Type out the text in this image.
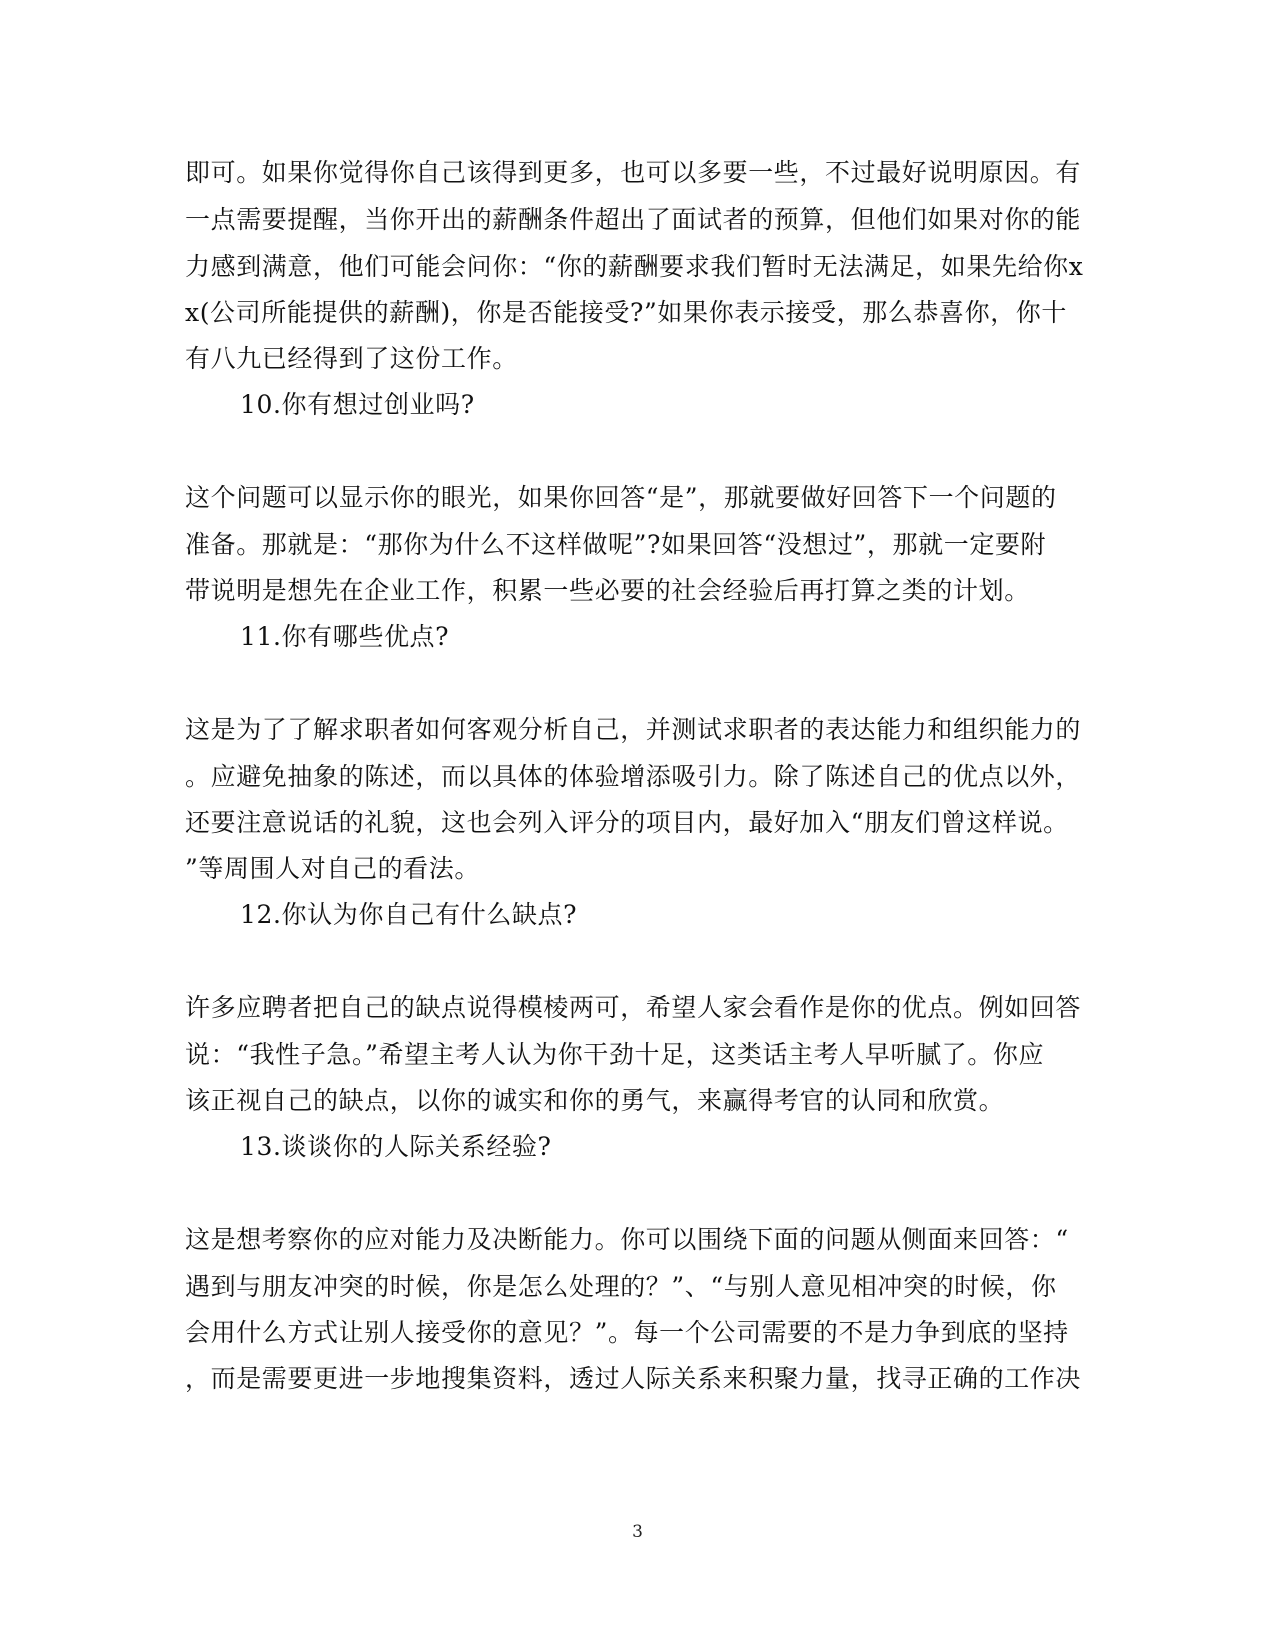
即可。如果你觉得你自己该得到更多，也可以多要一些，不过最好说明原因。有
一点需要提醒，当你开出的薪酬条件超出了面试者的预算，但他们如果对你的能
力感到满意，他们可能会问你：“你的薪酬要求我们暂时无法满足，如果先给你x
x(公司所能提供的薪酬)，你是否能接受?”如果你表示接受，那么恭喜你，你十
有八九已经得到了这份工作。
10.你有想过创业吗?
这个问题可以显示你的眼光，如果你回答“是”，那就要做好回答下一个问题的
准备。那就是：“那你为什么不这样做呢”?如果回答“没想过”，那就一定要附
带说明是想先在企业工作，积累一些必要的社会经验后再打算之类的计划。
11.你有哪些优点?
这是为了了解求职者如何客观分析自己，并测试求职者的表达能力和组织能力的
。应避免抽象的陈述，而以具体的体验增添吸引力。除了陈述自己的优点以外，
还要注意说话的礼貌，这也会列入评分的项目内，最好加入“朋友们曾这样说。
”等周围人对自己的看法。
12.你认为你自己有什么缺点?
许多应聘者把自己的缺点说得模棱两可，希望人家会看作是你的优点。例如回答
说：“我性子急。”希望主考人认为你干劲十足，这类话主考人早听腻了。你应
该正视自己的缺点，以你的诚实和你的勇气，来赢得考官的认同和欣赏。
13.谈谈你的人际关系经验?
这是想考察你的应对能力及决断能力。你可以围绕下面的问题从侧面来回答：“
遇到与朋友冲突的时候，你是怎么处理的？”、“与别人意见相冲突的时候，你
会用什么方式让别人接受你的意见？”。每一个公司需要的不是力争到底的坚持
，而是需要更进一步地搜集资料，透过人际关系来积聚力量，找寻正确的工作决
3
